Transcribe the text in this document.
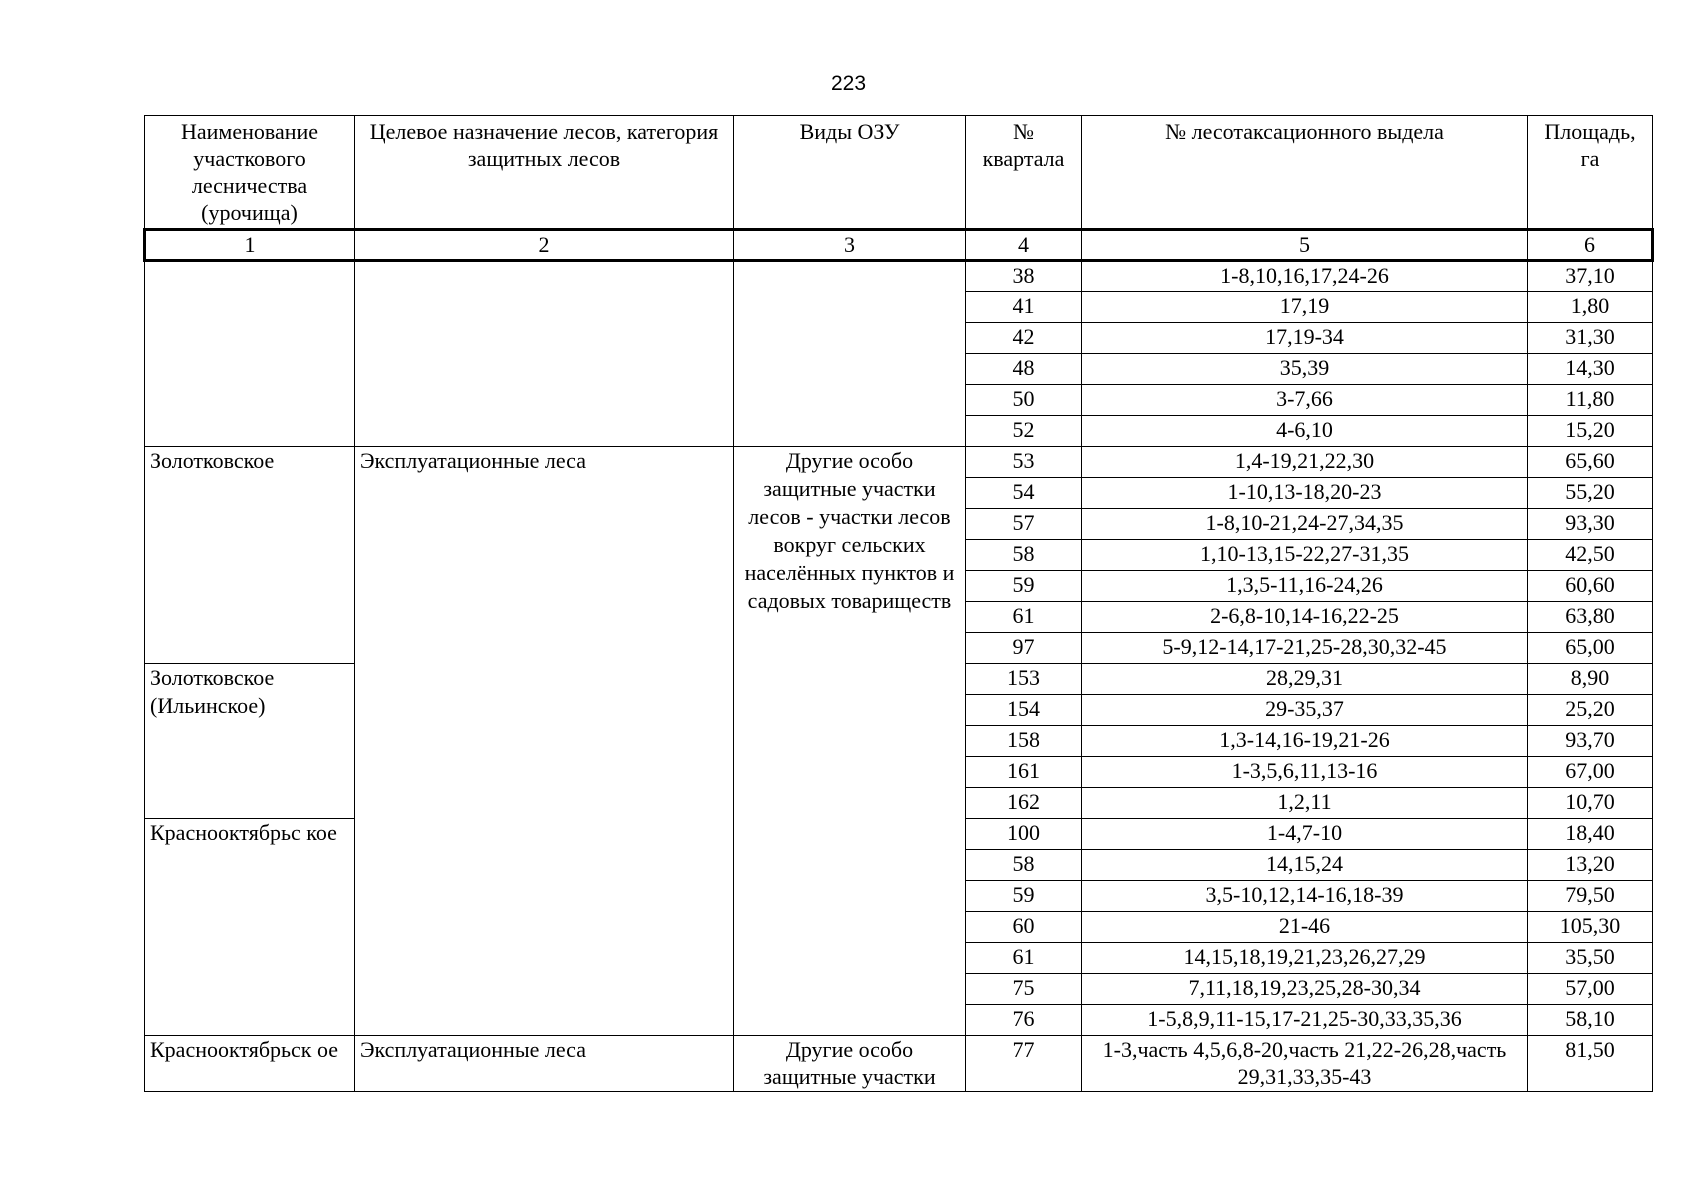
223
Наименование участкового лесничества (урочища)	Целевое назначение лесов, категория защитных лесов	Виды ОЗУ	№ квартала	№ лесотаксационного выдела	Площадь, га
1	2	3	4	5	6
			38	1-8,10,16,17,24-26	37,10
			41	17,19	1,80
			42	17,19-34	31,30
			48	35,39	14,30
			50	3-7,66	11,80
			52	4-6,10	15,20
Золотковское	Эксплуатационные леса	Другие особо защитные участки лесов - участки лесов вокруг сельских населённых пунктов и садовых товариществ	53	1,4-19,21,22,30	65,60
			54	1-10,13-18,20-23	55,20
			57	1-8,10-21,24-27,34,35	93,30
			58	1,10-13,15-22,27-31,35	42,50
			59	1,3,5-11,16-24,26	60,60
			61	2-6,8-10,14-16,22-25	63,80
			97	5-9,12-14,17-21,25-28,30,32-45	65,00
Золотковское (Ильинское)			153	28,29,31	8,90
			154	29-35,37	25,20
			158	1,3-14,16-19,21-26	93,70
			161	1-3,5,6,11,13-16	67,00
			162	1,2,11	10,70
Краснооктябрьс кое			100	1-4,7-10	18,40
			58	14,15,24	13,20
			59	3,5-10,12,14-16,18-39	79,50
			60	21-46	105,30
			61	14,15,18,19,21,23,26,27,29	35,50
			75	7,11,18,19,23,25,28-30,34	57,00
			76	1-5,8,9,11-15,17-21,25-30,33,35,36	58,10
Краснооктябрьск ое	Эксплуатационные леса	Другие особо защитные участки	77	1-3,часть 4,5,6,8-20,часть 21,22-26,28,часть 29,31,33,35-43	81,50
